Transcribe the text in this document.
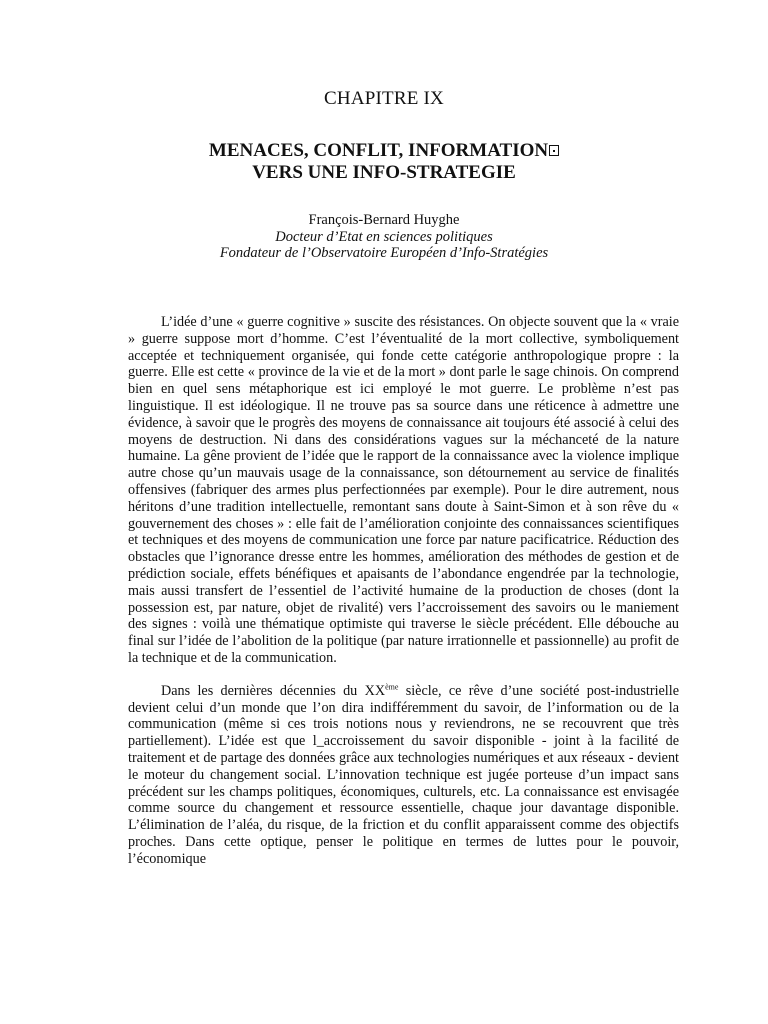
CHAPITRE IX
MENACES, CONFLIT, INFORMATION
VERS UNE INFO-STRATEGIE
François-Bernard Huyghe
Docteur d’Etat en sciences politiques
Fondateur de l’Observatoire Européen d’Info-Stratégies

L’idée d’une « guerre cognitive » suscite des résistances. On objecte souvent que la « vraie » guerre suppose mort d’homme. C’est l’éventualité de la mort collective, symboliquement acceptée et techniquement organisée, qui fonde cette catégorie anthropologique propre : la guerre. Elle est cette « province de la vie et de la mort » dont parle le sage chinois. On comprend bien en quel sens métaphorique est ici employé le mot guerre. Le problème n’est pas linguistique. Il est idéologique. Il ne trouve pas sa source dans une réticence à admettre une évidence, à savoir que le progrès des moyens de connaissance ait toujours été associé à celui des moyens de destruction. Ni dans des considérations vagues sur la méchanceté de la nature humaine. La gêne provient de l’idée que le rapport de la connaissance avec la violence implique autre chose qu’un mauvais usage de la connaissance, son détournement au service de finalités offensives (fabriquer des armes plus perfectionnées par exemple). Pour le dire autrement, nous héritons d’une tradition intellectuelle, remontant sans doute à Saint-Simon et à son rêve du « gouvernement des choses » : elle fait de l’amélioration conjointe des connaissances scientifiques et techniques et des moyens de communication une force par nature pacificatrice. Réduction des obstacles que l’ignorance dresse entre les hommes, amélioration des méthodes de gestion et de prédiction sociale, effets bénéfiques et apaisants de l’abondance engendrée par la technologie, mais aussi transfert de l’essentiel de l’activité humaine de la production de choses (dont la possession est, par nature, objet de rivalité) vers l’accroissement des savoirs ou le maniement des signes : voilà une thématique optimiste qui traverse le siècle précédent. Elle débouche au final sur l’idée de l’abolition de la politique (par nature irrationnelle et passionnelle) au profit de la technique et de la communication.

Dans les dernières décennies du XXème siècle, ce rêve d’une société post-industrielle devient celui d’un monde que l’on dira indifféremment du savoir, de l’information ou de la communication (même si ces trois notions nous y reviendrons, ne se recouvrent que très partiellement). L’idée est que l_accroissement du savoir disponible - joint à la facilité de traitement et de partage des données grâce aux technologies numériques et aux réseaux - devient le moteur du changement social. L’innovation technique est jugée porteuse d’un impact sans précédent sur les champs politiques, économiques, culturels, etc. La connaissance est envisagée comme source du changement et ressource essentielle, chaque jour davantage disponible. L’élimination de l’aléa, du risque, de la friction et du conflit apparaissent comme des objectifs proches. Dans cette optique, penser le politique en termes de luttes pour le pouvoir, l’économique
